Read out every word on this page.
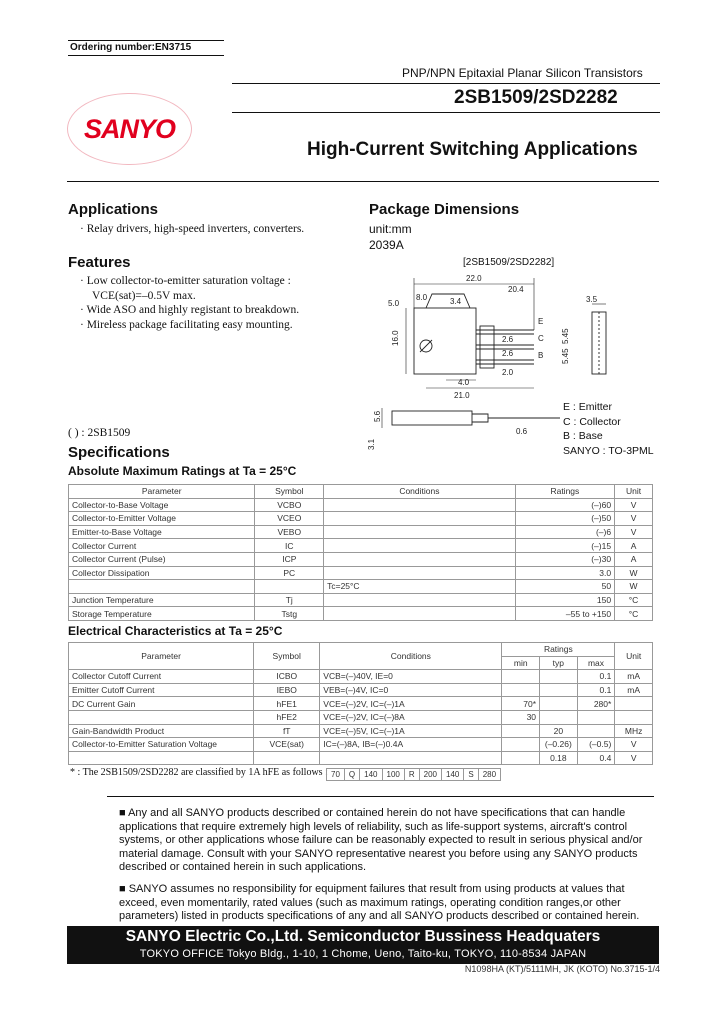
Ordering number:EN3715
SANYO
PNP/NPN Epitaxial Planar Silicon Transistors
2SB1509/2SD2282
High-Current Switching Applications
Applications
· Relay drivers, high-speed inverters, converters.
Features
· Low collector-to-emitter saturation voltage :
VCE(sat)=–0.5V max.
· Wide ASO and highly registant to breakdown.
· Mireless package facilitating easy mounting.
Package Dimensions
unit:mm
2039A
[2SB1509/2SD2282]
22.0
20.4
5.0
8.0	3.4
16.0
3.5
5.45
5.45
2.6
2.6
2.0
4.0
21.0
0.6
5.6
3.1
E
C
B
E : Emitter
C : Collector
B : Base
SANYO : TO-3PML
( ) : 2SB1509
Specifications
Absolute Maximum Ratings at Ta = 25°C
Parameter	Symbol	Conditions	Ratings	Unit
Collector-to-Base Voltage	VCBO		(–)60	V
Collector-to-Emitter Voltage	VCEO		(–)50	V
Emitter-to-Base Voltage	VEBO		(–)6	V
Collector Current	IC		(–)15	A
Collector Current (Pulse)	ICP		(–)30	A
Collector Dissipation	PC		3.0	W
		Tc=25°C	50	W
Junction Temperature	Tj		150	°C
Storage Temperature	Tstg		–55 to +150	°C
Electrical Characteristics at Ta = 25°C
Parameter	Symbol	Conditions	Ratings			Unit
			min	typ	max	
Collector Cutoff Current	ICBO	VCB=(–)40V, IE=0			0.1	mA
Emitter Cutoff Current	IEBO	VEB=(–)4V, IC=0			0.1	mA
DC Current Gain	hFE1	VCE=(–)2V, IC=(–)1A	70*		280*	
	hFE2	VCE=(–)2V, IC=(–)8A	30			
Gain-Bandwidth Product	fT	VCE=(–)5V, IC=(–)1A		20		MHz
Collector-to-Emitter Saturation Voltage	VCE(sat)	IC=(–)8A, IB=(–)0.4A		(–0.26)	(–0.5)	V
				0.18	0.4	V
* : The 2SB1509/2SD2282 are classified by 1A hFE as follows : 70	Q	140	100	R	200	140	S	280

■ Any and all SANYO products described or contained herein do not have specifications that can handle applications that require extremely high levels of reliability, such as life-support systems, aircraft's control systems, or other applications whose failure can be reasonably expected to result in serious physical and/or material damage. Consult with your SANYO representative nearest you before using any SANYO products described or contained herein in such applications.

■ SANYO assumes no responsibility for equipment failures that result from using products at values that exceed, even momentarily, rated values (such as maximum ratings, operating condition ranges,or other parameters) listed in products specifications of any and all SANYO products described or contained herein.

SANYO Electric Co.,Ltd. Semiconductor Bussiness Headquaters
TOKYO OFFICE Tokyo Bldg., 1-10, 1 Chome, Ueno, Taito-ku, TOKYO, 110-8534 JAPAN
N1098HA (KT)/5111MH, JK (KOTO) No.3715-1/4
